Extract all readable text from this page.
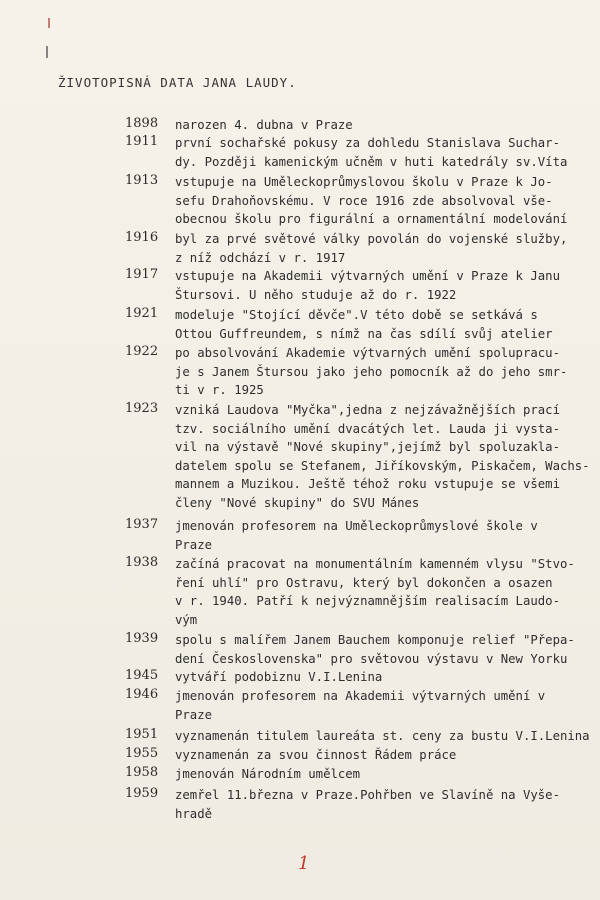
ŽIVOTOPISNÁ DATA JANA LAUDY.
1898	narozen 4. dubna v Praze
1911	první sochařské pokusy za dohledu Stanislava Suchar-
dy. Později kamenickým učněm v huti katedrály sv.Víta
1913	vstupuje na Uměleckoprůmyslovou školu v Praze k Jo-
sefu Drahoňovskému. V roce 1916 zde absolvoval vše-
obecnou školu pro figurální a ornamentální modelování
1916	byl za prvé světové války povolán do vojenské služby,
z níž odchází v r. 1917
1917	vstupuje na Akademii výtvarných umění v Praze k Janu
Štursovi. U něho studuje až do r. 1922
1921	modeluje "Stojící děvče".V této době se setkává s
Ottou Guffreundem, s nímž na čas sdílí svůj atelier
1922	po absolvování Akademie výtvarných umění spolupracu-
je s Janem Štursou jako jeho pomocník až do jeho smr-
ti v r. 1925
1923	vzniká Laudova "Myčka",jedna z nejzávažnějších prací
tzv. sociálního umění dvacátých let. Lauda ji vysta-
vil na výstavě "Nové skupiny",jejímž byl spoluzakla-
datelem spolu se Stefanem, Jiříkovským, Piskačem, Wachs-
mannem a Muzikou. Ještě téhož roku vstupuje se všemi
členy "Nové skupiny" do SVU Mánes
1937	jmenován profesorem na Uměleckoprůmyslové škole v
Praze
1938	začíná pracovat na monumentálním kamenném vlysu "Stvo-
ření uhlí" pro Ostravu, který byl dokončen a osazen
v r. 1940. Patří k nejvýznamnějším realisacím Laudo-
vým
1939	spolu s malířem Janem Bauchem komponuje relief "Přepa-
dení Československa" pro světovou výstavu v New Yorku
1945	vytváří podobiznu V.I.Lenina
1946	jmenován profesorem na Akademii výtvarných umění v
Praze
1951	vyznamenán titulem laureáta st. ceny za bustu V.I.Lenina
1955	vyznamenán za svou činnost Řádem práce
1958	jmenován Národním umělcem
1959	zemřel 11.března v Praze.Pohřben ve Slavíně na Vyše-
hradě
1
